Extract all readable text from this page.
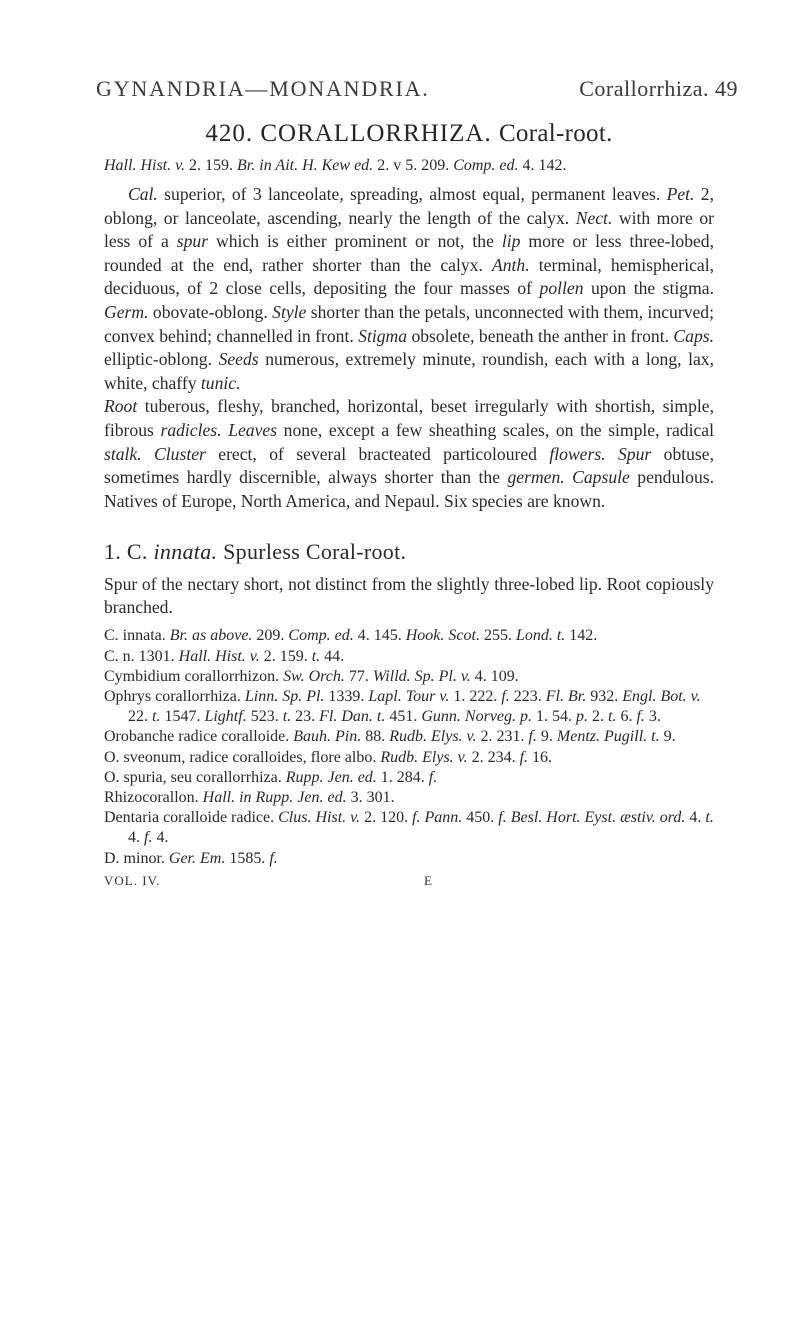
GYNANDRIA—MONANDRIA.	Corallorrhiza. 49
420. CORALLORRHIZA. Coral-root.

Hall. Hist. v. 2. 159. Br. in Ait. H. Kew ed. 2. v 5. 209. Comp. ed. 4. 142.

Cal. superior, of 3 lanceolate, spreading, almost equal, permanent leaves. Pet. 2, oblong, or lanceolate, ascending, nearly the length of the calyx. Nect. with more or less of a spur which is either prominent or not, the lip more or less three-lobed, rounded at the end, rather shorter than the calyx. Anth. terminal, hemispherical, deciduous, of 2 close cells, depositing the four masses of pollen upon the stigma. Germ. obovate-oblong. Style shorter than the petals, unconnected with them, incurved; convex behind; channelled in front. Stigma obsolete, beneath the anther in front. Caps. elliptic-oblong. Seeds numerous, extremely minute, roundish, each with a long, lax, white, chaffy tunic.

Root tuberous, fleshy, branched, horizontal, beset irregularly with shortish, simple, fibrous radicles. Leaves none, except a few sheathing scales, on the simple, radical stalk. Cluster erect, of several bracteated particoloured flowers. Spur obtuse, sometimes hardly discernible, always shorter than the germen. Capsule pendulous. Natives of Europe, North America, and Nepaul. Six species are known.

1. C. innata. Spurless Coral-root.

Spur of the nectary short, not distinct from the slightly three-lobed lip. Root copiously branched.

C. innata. Br. as above. 209. Comp. ed. 4. 145. Hook. Scot. 255. Lond. t. 142.

C. n. 1301. Hall. Hist. v. 2. 159. t. 44.

Cymbidium corallorrhizon. Sw. Orch. 77. Willd. Sp. Pl. v. 4. 109.

Ophrys corallorrhiza. Linn. Sp. Pl. 1339. Lapl. Tour v. 1. 222. f. 223. Fl. Br. 932. Engl. Bot. v. 22. t. 1547. Lightf. 523. t. 23. Fl. Dan. t. 451. Gunn. Norveg. p. 1. 54. p. 2. t. 6. f. 3.

Orobanche radice coralloide. Bauh. Pin. 88. Rudb. Elys. v. 2. 231. f. 9. Mentz. Pugill. t. 9.

O. sveonum, radice coralloides, flore albo. Rudb. Elys. v. 2. 234. f. 16.

O. spuria, seu corallorrhiza. Rupp. Jen. ed. 1. 284. f.

Rhizocorallon. Hall. in Rupp. Jen. ed. 3. 301.

Dentaria coralloide radice. Clus. Hist. v. 2. 120. f. Pann. 450. f. Besl. Hort. Eyst. æstiv. ord. 4. t. 4. f. 4.

D. minor. Ger. Em. 1585. f.

VOL. IV.	E
